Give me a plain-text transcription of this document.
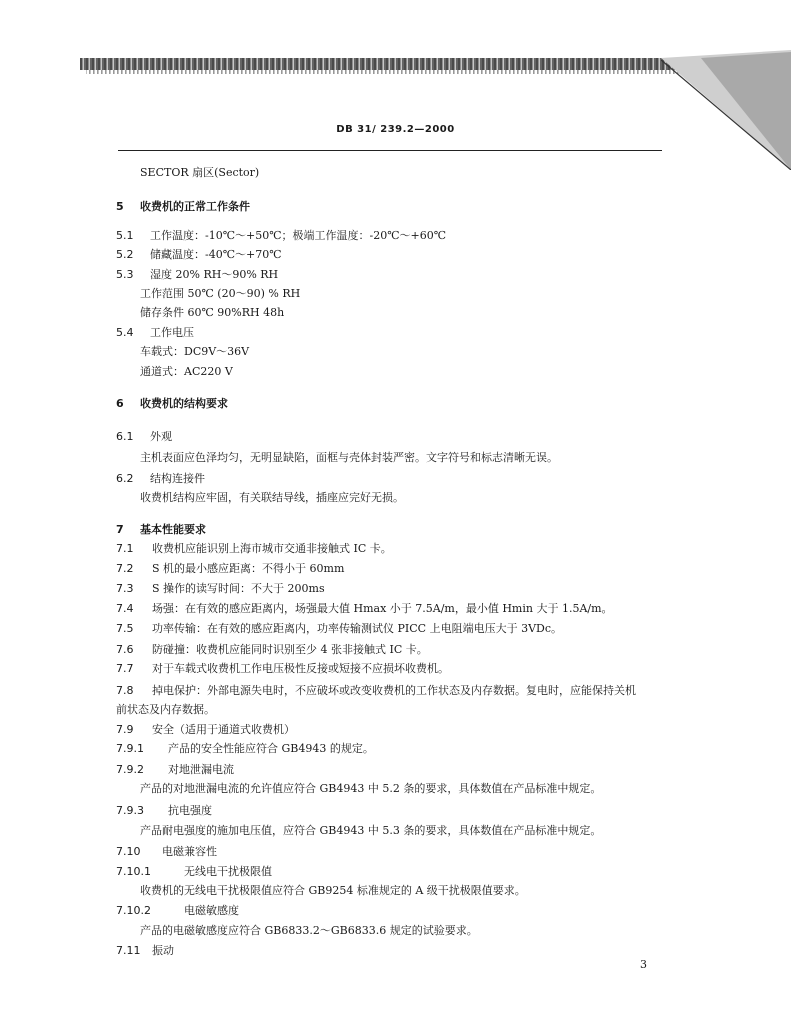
DB 31/ 239.2—2000
SECTOR 扇区(Sector)
5 收费机的正常工作条件
5.1 工作温度：-10℃～+50℃；极端工作温度：-20℃～+60℃
5.2 储藏温度：-40℃～+70℃
5.3 湿度 20% RH～90% RH
工作范围 50℃ (20～90) % RH
储存条件 60℃ 90%RH 48h
5.4 工作电压
车载式：DC9V～36V
通道式：AC220 V
6 收费机的结构要求
6.1 外观
主机表面应色泽均匀，无明显缺陷，面框与壳体封装严密。文字符号和标志清晰无误。
6.2 结构连接件
收费机结构应牢固，有关联结导线，插座应完好无损。
7 基本性能要求
7.1 收费机应能识别上海市城市交通非接触式 IC 卡。
7.2 S 机的最小感应距离：不得小于 60mm
7.3 S 操作的读写时间：不大于 200ms
7.4 场强：在有效的感应距离内，场强最大值 Hmax 小于 7.5A/m，最小值 Hmin 大于 1.5A/m。
7.5 功率传输：在有效的感应距离内，功率传输测试仪 PICC 上电阻端电压大于 3VDc。
7.6 防碰撞：收费机应能同时识别至少 4 张非接触式 IC 卡。
7.7 对于车载式收费机工作电压极性反接或短接不应损坏收费机。
7.8 掉电保护：外部电源失电时，不应破坏或改变收费机的工作状态及内存数据。复电时，应能保持关机
前状态及内存数据。
7.9 安全（适用于通道式收费机）
7.9.1 产品的安全性能应符合 GB4943 的规定。
7.9.2 对地泄漏电流
产品的对地泄漏电流的允许值应符合 GB4943 中 5.2 条的要求，具体数值在产品标准中规定。
7.9.3 抗电强度
产品耐电强度的施加电压值，应符合 GB4943 中 5.3 条的要求，具体数值在产品标准中规定。
7.10 电磁兼容性
7.10.1	无线电干扰极限值
收费机的无线电干扰极限值应符合 GB9254 标准规定的 A 级干扰极限值要求。
7.10.2	电磁敏感度
产品的电磁敏感度应符合 GB6833.2～GB6833.6 规定的试验要求。
7.11 振动
3
